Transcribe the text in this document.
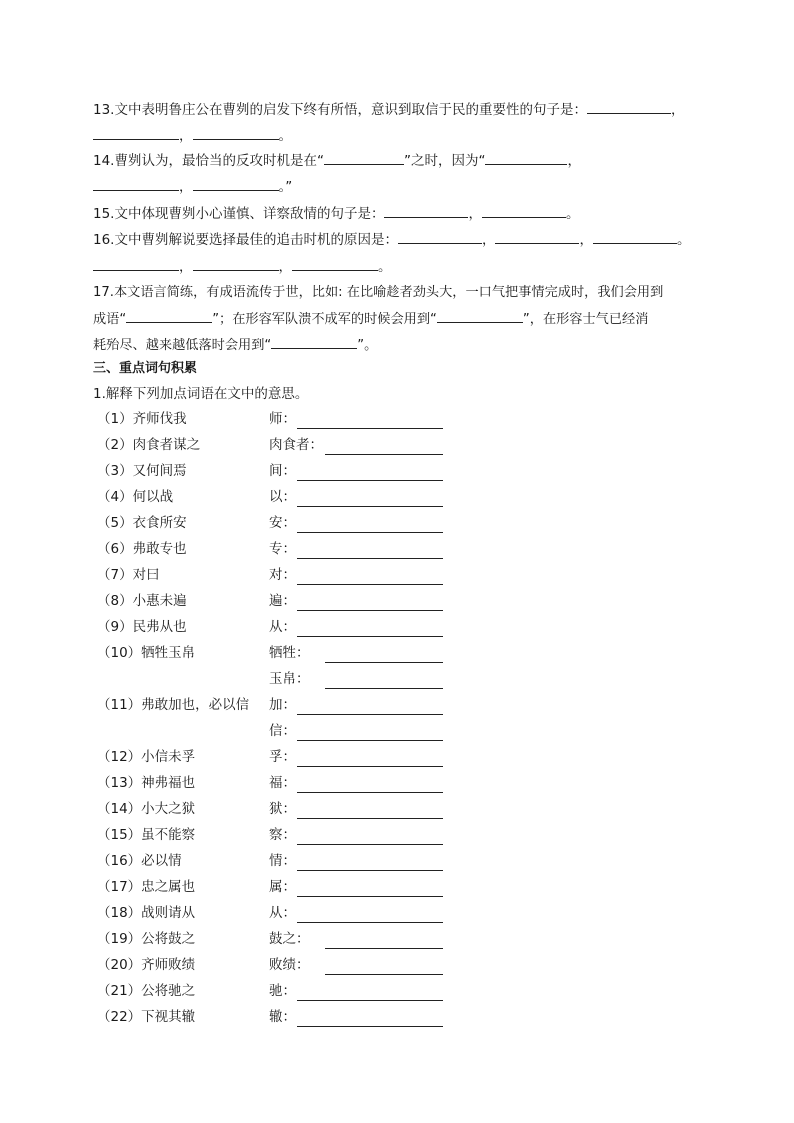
13.文中表明鲁庄公在曹刿的启发下终有所悟，意识到取信于民的重要性的句子是：	，
，	。
14.曹刿认为，最恰当的反攻时机是在“	”之时，因为“	，
，	。”
15.文中体现曹刿小心谨慎、详察敌情的句子是：	，	。
16.文中曹刿解说要选择最佳的追击时机的原因是：	，	，	。
，	，	。
17.本文语言简练，有成语流传于世，比如: 在比喻趁者劲头大，一口气把事情完成时，我们会用到
成语“	”；在形容军队溃不成军的时候会用到“	”，在形容士气已经消
耗殆尽、越来越低落时会用到“	”。
三、重点词句积累
1.解释下列加点词语在文中的意思。
（1）齐师伐我	师：
（2）肉食者谋之	肉食者：
（3）又何间焉	间：
（4）何以战	以：
（5）衣食所安	安：
（6）弗敢专也	专：
（7）对曰	对：
（8）小惠未遍	遍：
（9）民弗从也	从：
（10）牺牲玉帛	牺牲：
玉帛：
（11）弗敢加也，必以信 加：
信：
（12）小信未孚	孚：
（13）神弗福也	福：
（14）小大之狱	狱：
（15）虽不能察	察：
（16）必以情	情：
（17）忠之属也	属：
（18）战则请从	从：
（19）公将鼓之	鼓之：
（20）齐师败绩	败绩：
（21）公将驰之	驰：
（22）下视其辙	辙：
